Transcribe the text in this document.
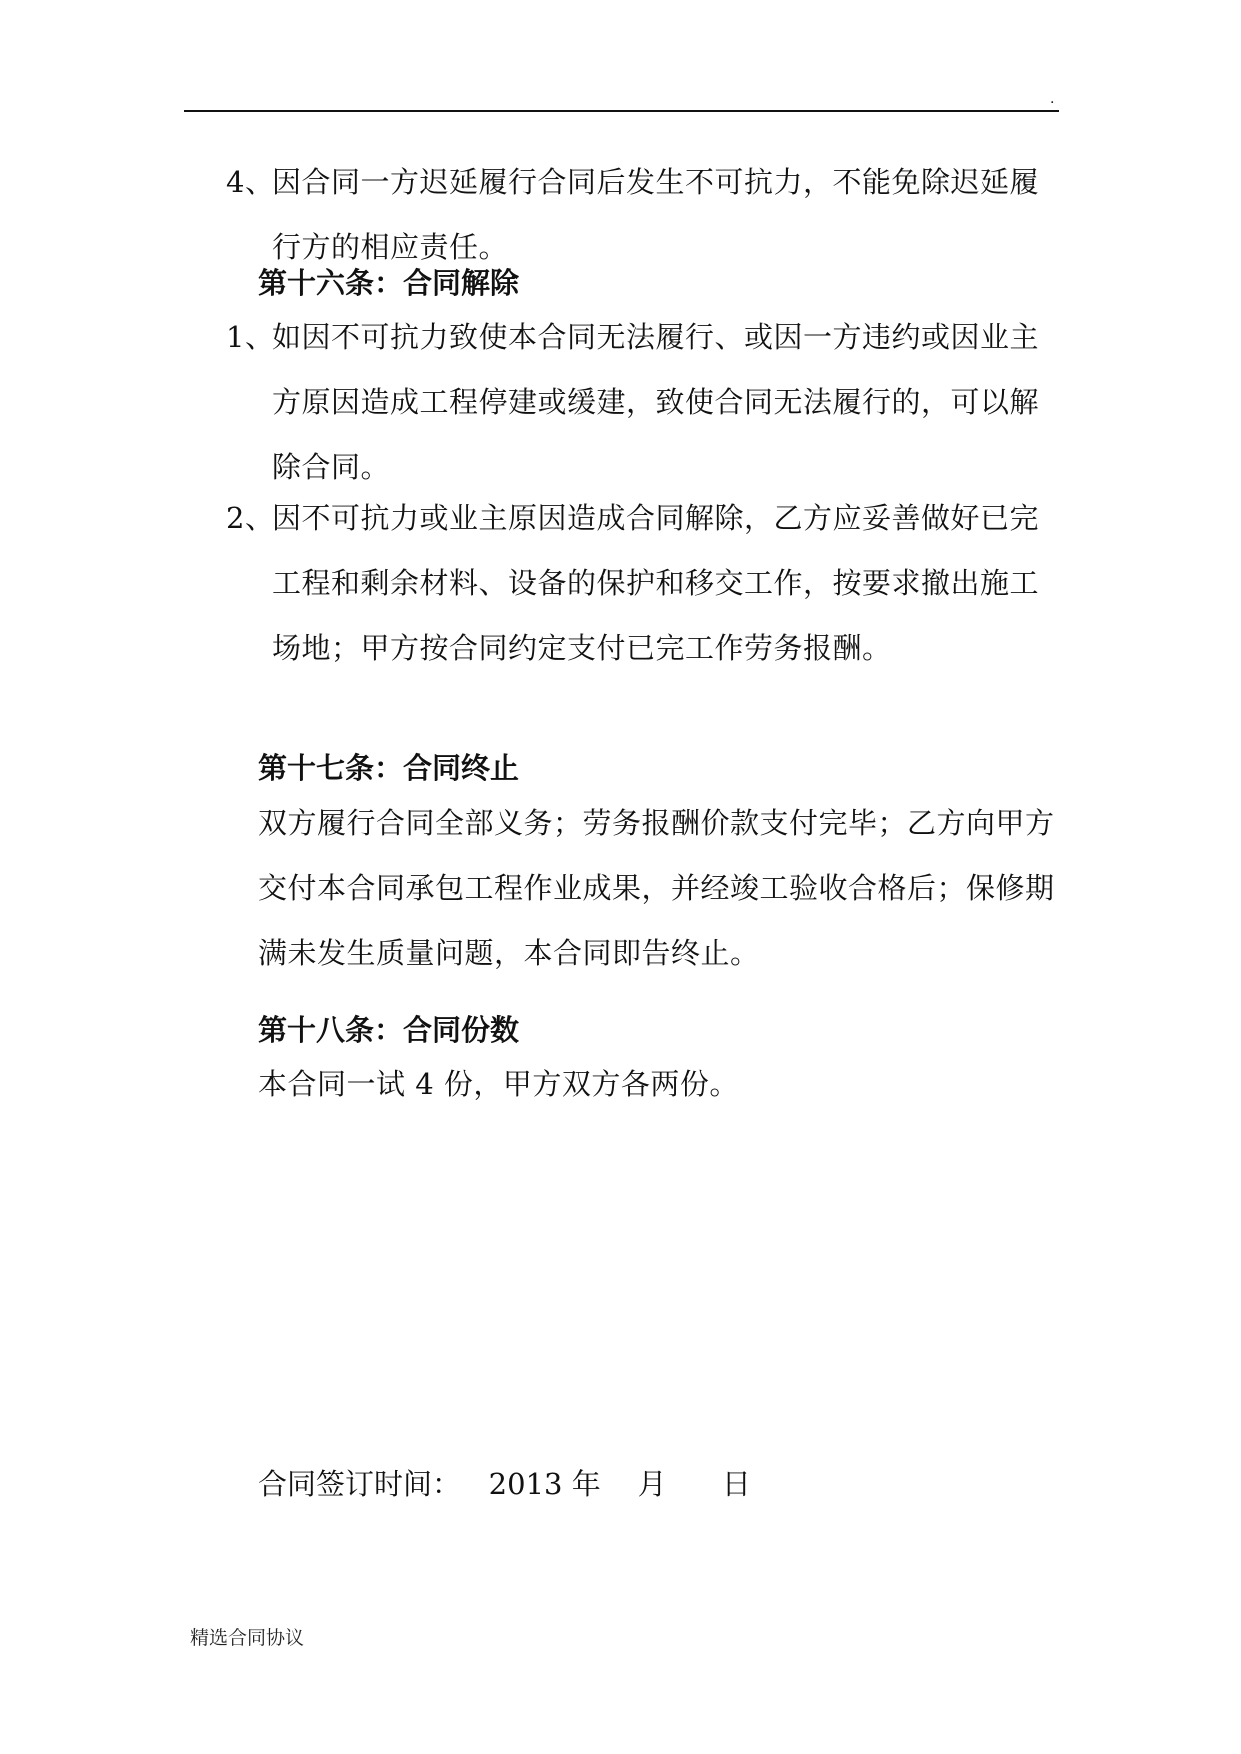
.
4、
因合同一方迟延履行合同后发生不可抗力，不能免除迟延履行方的相应责任。
第十六条：合同解除
1、
如因不可抗力致使本合同无法履行、或因一方违约或因业主方原因造成工程停建或缓建，致使合同无法履行的，可以解除合同。
2、
因不可抗力或业主原因造成合同解除，乙方应妥善做好已完工程和剩余材料、设备的保护和移交工作，按要求撤出施工场地；甲方按合同约定支付已完工作劳务报酬。
第十七条：合同终止
双方履行合同全部义务；劳务报酬价款支付完毕；乙方向甲方交付本合同承包工程作业成果，并经竣工验收合格后；保修期满未发生质量问题，本合同即告终止。
第十八条：合同份数
本合同一试 4 份，甲方双方各两份。
合同签订时间： 2013 年 月 日
精选合同协议
